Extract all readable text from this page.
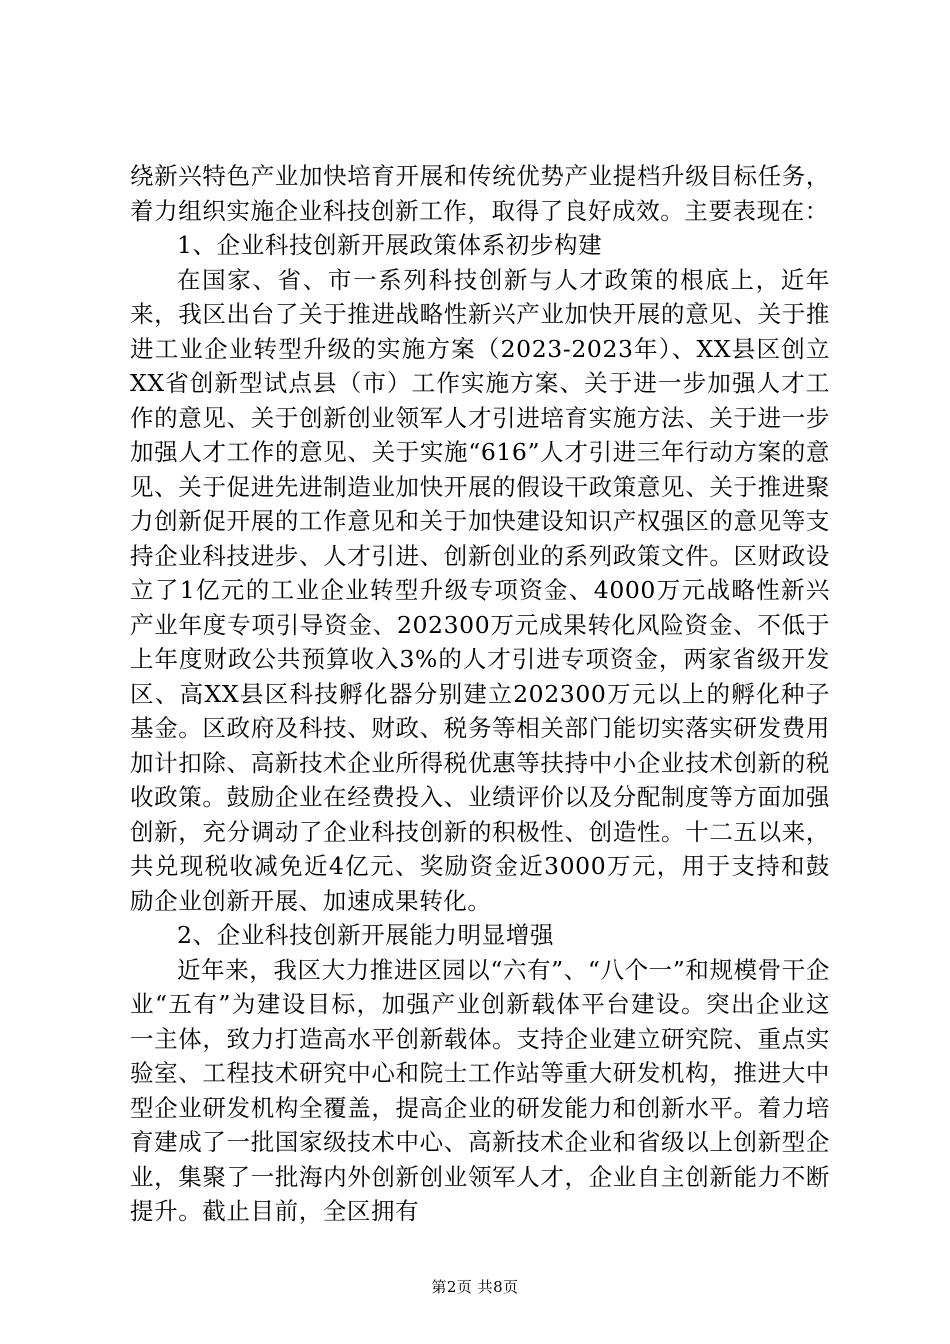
绕新兴特色产业加快培育开展和传统优势产业提档升级目标任务，着力组织实施企业科技创新工作，取得了良好成效。主要表现在：

1、企业科技创新开展政策体系初步构建

在国家、省、市一系列科技创新与人才政策的根底上，近年来，我区出台了关于推进战略性新兴产业加快开展的意见、关于推进工业企业转型升级的实施方案（2023-2023年）、XX县区创立XX省创新型试点县（市）工作实施方案、关于进一步加强人才工作的意见、关于创新创业领军人才引进培育实施方法、关于进一步加强人才工作的意见、关于实施“616”人才引进三年行动方案的意见、关于促进先进制造业加快开展的假设干政策意见、关于推进聚力创新促开展的工作意见和关于加快建设知识产权强区的意见等支持企业科技进步、人才引进、创新创业的系列政策文件。区财政设立了1亿元的工业企业转型升级专项资金、4000万元战略性新兴产业年度专项引导资金、202300万元成果转化风险资金、不低于上年度财政公共预算收入3%的人才引进专项资金，两家省级开发区、高XX县区科技孵化器分别建立202300万元以上的孵化种子基金。区政府及科技、财政、税务等相关部门能切实落实研发费用加计扣除、高新技术企业所得税优惠等扶持中小企业技术创新的税收政策。鼓励企业在经费投入、业绩评价以及分配制度等方面加强创新，充分调动了企业科技创新的积极性、创造性。十二五以来，共兑现税收减免近4亿元、奖励资金近3000万元，用于支持和鼓励企业创新开展、加速成果转化。

2、企业科技创新开展能力明显增强

近年来，我区大力推进区园以“六有”、“八个一”和规模骨干企业“五有”为建设目标，加强产业创新载体平台建设。突出企业这一主体，致力打造高水平创新载体。支持企业建立研究院、重点实验室、工程技术研究中心和院士工作站等重大研发机构，推进大中型企业研发机构全覆盖，提高企业的研发能力和创新水平。着力培育建成了一批国家级技术中心、高新技术企业和省级以上创新型企业，集聚了一批海内外创新创业领军人才，企业自主创新能力不断提升。截止目前，全区拥有

第2页 共8页
